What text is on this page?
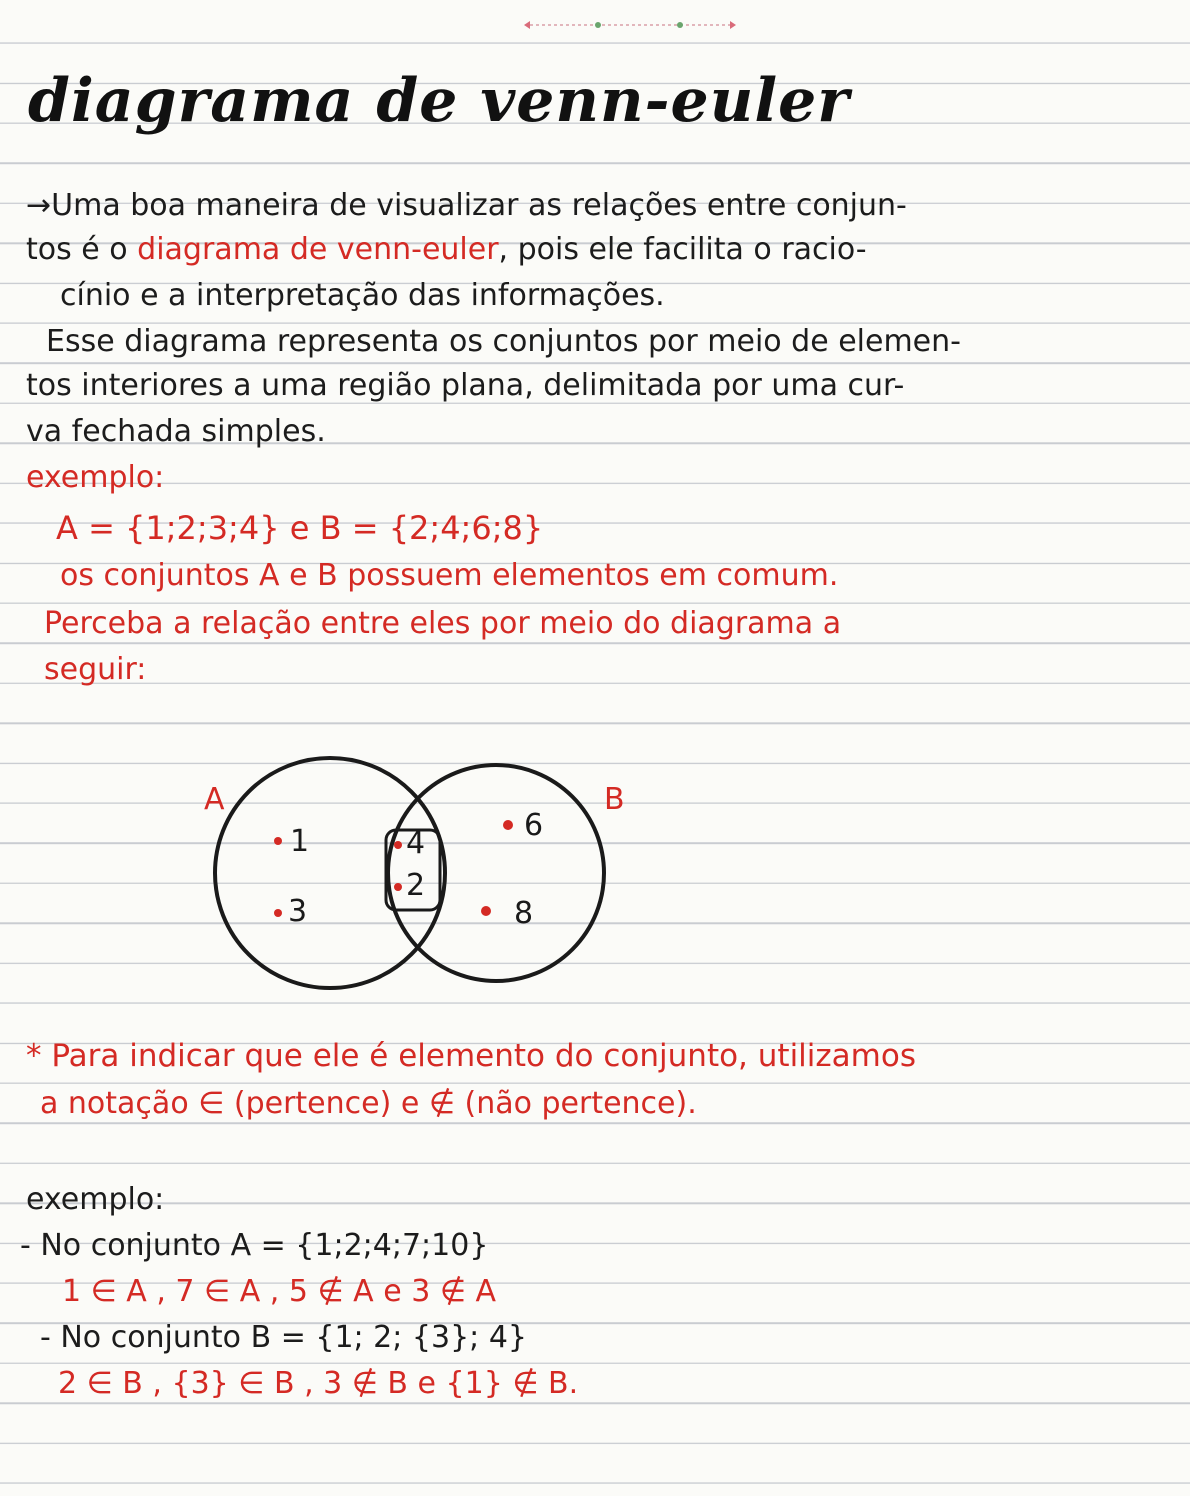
diagrama de venn-euler
→Uma boa maneira de visualizar as relações entre conjun-
tos é o diagrama de venn-euler, pois ele facilita o racio-
cínio e a interpretação das informações.
Esse diagrama representa os conjuntos por meio de elemen-
tos interiores a uma região plana, delimitada por uma cur-
va fechada simples.
exemplo:
A = {1;2;3;4} e B = {2;4;6;8}
os conjuntos A e B possuem elementos em comum.
Perceba a relação entre eles por meio do diagrama a
seguir:
A	B
1
3
4
2
6
8
* Para indicar que ele é elemento do conjunto, utilizamos
a notação ∈ (pertence) e ∉ (não pertence).
exemplo:
- No conjunto A = {1;2;4;7;10}
1 ∈ A , 7 ∈ A , 5 ∉ A e 3 ∉ A
- No conjunto B = {1; 2; {3}; 4}
2 ∈ B , {3} ∈ B , 3 ∉ B e {1} ∉ B.
